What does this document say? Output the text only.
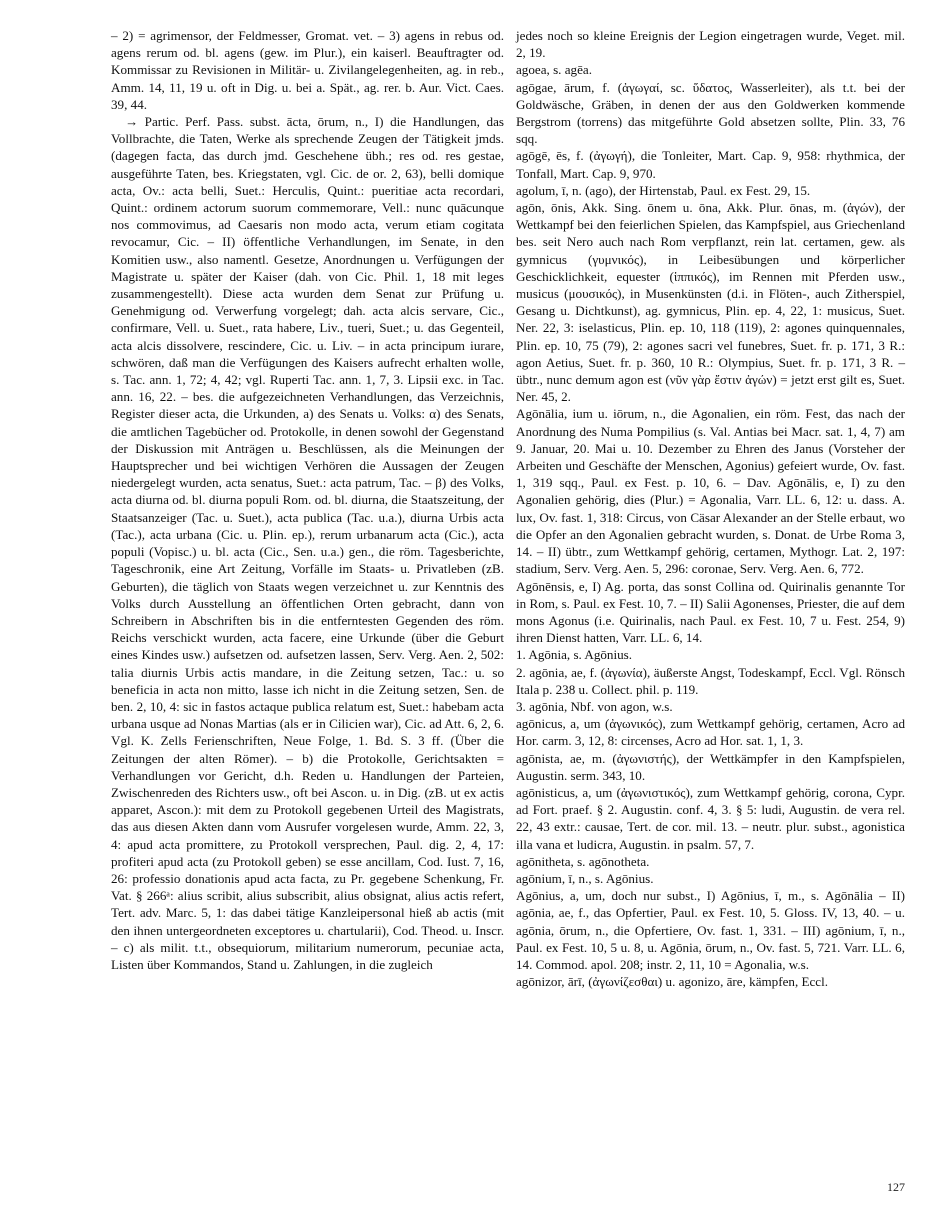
– 2) = agrimensor, der Feldmesser, Gromat. vet. – 3) agens in rebus od. agens rerum od. bl. agens (gew. im Plur.), ein kaiserl. Beauftragter od. Kommissar zu Revisionen in Militär- u. Zivilangelegenheiten, ag. in reb., Amm. 14, 11, 19 u. oft in Dig. u. bei a. Spät., ag. rer. b. Aur. Vict. Caes. 39, 44.

→ Partic. Perf. Pass. subst. ācta, ōrum, n., I) die Handlungen, das Vollbrachte, die Taten, Werke als sprechende Zeugen der Tätigkeit jmds. (dagegen facta, das durch jmd. Geschehene übh.; res od. res gestae, ausgeführte Taten, bes. Kriegstaten, vgl. Cic. de or. 2, 63), belli domique acta, Ov.: acta belli, Suet.: Herculis, Quint.: pueritiae acta recordari, Quint.: ordinem actorum suorum commemorare, Vell.: nunc quācunque nos commovimus, ad Caesaris non modo acta, verum etiam cogitata revocamur, Cic. – II) öffentliche Verhandlungen, im Senate, in den Komitien usw., also namentl. Gesetze, Anordnungen u. Verfügungen der Magistrate u. später der Kaiser (dah. von Cic. Phil. 1, 18 mit leges zusammengestellt). Diese acta wurden dem Senat zur Prüfung u. Genehmigung od. Verwerfung vorgelegt; dah. acta alcis servare, Cic., confirmare, Vell. u. Suet., rata habere, Liv., tueri, Suet.; u. das Gegenteil, acta alcis dissolvere, rescindere, Cic. u. Liv. – in acta principum iurare, schwören, daß man die Verfügungen des Kaisers aufrecht erhalten wolle, s. Tac. ann. 1, 72; 4, 42; vgl. Ruperti Tac. ann. 1, 7, 3. Lipsii exc. in Tac. ann. 16, 22. – bes. die aufgezeichneten Verhandlungen, das Verzeichnis, Register dieser acta, die Urkunden, a) des Senats u. Volks: α) des Senats, die amtlichen Tagebücher od. Protokolle, in denen sowohl der Gegenstand der Diskussion mit Anträgen u. Beschlüssen, als die Meinungen der Hauptsprecher und bei wichtigen Verhören die Aussagen der Zeugen niedergelegt wurden, acta senatus, Suet.: acta patrum, Tac. – β) des Volks, acta diurna od. bl. diurna populi Rom. od. bl. diurna, die Staatszeitung, der Staatsanzeiger (Tac. u. Suet.), acta publica (Tac. u.a.), diurna Urbis acta (Tac.), acta urbana (Cic. u. Plin. ep.), rerum urbanarum acta (Cic.), acta populi (Vopisc.) u. bl. acta (Cic., Sen. u.a.) gen., die röm. Tagesberichte, Tageschronik, eine Art Zeitung, Vorfälle im Staats- u. Privatleben (zB. Geburten), die täglich von Staats wegen verzeichnet u. zur Kenntnis des Volks durch Ausstellung an öffentlichen Orten gebracht, dann von Schreibern in Abschriften bis in die entferntesten Gegenden des röm. Reichs verschickt wurden, acta facere, eine Urkunde (über die Geburt eines Kindes usw.) aufsetzen od. aufsetzen lassen, Serv. Verg. Aen. 2, 502: talia diurnis Urbis actis mandare, in die Zeitung setzen, Tac.: u. so beneficia in acta non mitto, lasse ich nicht in die Zeitung setzen, Sen. de ben. 2, 10, 4: sic in fastos actaque publica relatum est, Suet.: habebam acta urbana usque ad Nonas Martias (als er in Cilicien war), Cic. ad Att. 6, 2, 6. Vgl. K. Zells Ferienschriften, Neue Folge, 1. Bd. S. 3 ff. (Über die Zeitungen der alten Römer). – b) die Protokolle, Gerichtsakten = Verhandlungen vor Gericht, d.h. Reden u. Handlungen der Parteien, Zwischenreden des Richters usw., oft bei Ascon. u. in Dig. (zB. ut ex actis apparet, Ascon.): mit dem zu Protokoll gegebenen Urteil des Magistrats, das aus diesen Akten dann vom Ausrufer vorgelesen wurde, Amm. 22, 3, 4: apud acta promittere, zu Protokoll versprechen, Paul. dig. 2, 4, 17: profiteri apud acta (zu Protokoll geben) se esse ancillam, Cod. Iust. 7, 16, 26: professio donationis apud acta facta, zu Pr. gegebene Schenkung, Fr. Vat. § 266ᵃ: alius scribit, alius subscribit, alius obsignat, alius actis refert, Tert. adv. Marc. 5, 1: das dabei tätige Kanzleipersonal hieß ab actis (mit den ihnen untergeordneten exceptores u. chartularii), Cod. Theod. u. Inscr. – c) als milit. t.t., obsequiorum, militarium numerorum, pecuniae acta, Listen über Kommandos, Stand u. Zahlungen, in die zugleich

jedes noch so kleine Ereignis der Legion eingetragen wurde, Veget. mil. 2, 19.

agoea, s. agēa.

agōgae, ārum, f. (ἀγωγαί, sc. ὕδατος, Wasserleiter), als t.t. bei der Goldwäsche, Gräben, in denen der aus den Goldwerken kommende Bergstrom (torrens) das mitgeführte Gold absetzen sollte, Plin. 33, 76 sqq.

agōgē, ēs, f. (ἀγωγή), die Tonleiter, Mart. Cap. 9, 958: rhythmica, der Tonfall, Mart. Cap. 9, 970.

agolum, ī, n. (ago), der Hirtenstab, Paul. ex Fest. 29, 15.

agōn, ōnis, Akk. Sing. ōnem u. ōna, Akk. Plur. ōnas, m. (ἀγών), der Wettkampf bei den feierlichen Spielen, das Kampfspiel, aus Griechenland bes. seit Nero auch nach Rom verpflanzt, rein lat. certamen, gew. als gymnicus (γυμνικός), in Leibesübungen und körperlicher Geschicklichkeit, equester (ἱππικός), im Rennen mit Pferden usw., musicus (μουσικός), in Musenkünsten (d.i. in Flöten-, auch Zitherspiel, Gesang u. Dichtkunst), ag. gymnicus, Plin. ep. 4, 22, 1: musicus, Suet. Ner. 22, 3: iselasticus, Plin. ep. 10, 118 (119), 2: agones quinquennales, Plin. ep. 10, 75 (79), 2: agones sacri vel funebres, Suet. fr. p. 171, 3 R.: agon Aetius, Suet. fr. p. 360, 10 R.: Olympius, Suet. fr. p. 171, 3 R. – übtr., nunc demum agon est (νῦν γὰρ ἔστιν ἀγών) = jetzt erst gilt es, Suet. Ner. 45, 2.

Agōnālia, ium u. iōrum, n., die Agonalien, ein röm. Fest, das nach der Anordnung des Numa Pompilius (s. Val. Antias bei Macr. sat. 1, 4, 7) am 9. Januar, 20. Mai u. 10. Dezember zu Ehren des Janus (Vorsteher der Arbeiten und Geschäfte der Menschen, Agonius) gefeiert wurde, Ov. fast. 1, 319 sqq., Paul. ex Fest. p. 10, 6. – Dav. Agōnālis, e, I) zu den Agonalien gehörig, dies (Plur.) = Agonalia, Varr. LL. 6, 12: u. dass. A. lux, Ov. fast. 1, 318: Circus, von Cäsar Alexander an der Stelle erbaut, wo die Opfer an den Agonalien gebracht wurden, s. Donat. de Urbe Roma 3, 14. – II) übtr., zum Wettkampf gehörig, certamen, Mythogr. Lat. 2, 197: stadium, Serv. Verg. Aen. 5, 296: coronae, Serv. Verg. Aen. 6, 772.

Agōnēnsis, e, I) Ag. porta, das sonst Collina od. Quirinalis genannte Tor in Rom, s. Paul. ex Fest. 10, 7. – II) Salii Agonenses, Priester, die auf dem mons Agonus (i.e. Quirinalis, nach Paul. ex Fest. 10, 7 u. Fest. 254, 9) ihren Dienst hatten, Varr. LL. 6, 14.

1. Agōnia, s. Agōnius.

2. agōnia, ae, f. (ἀγωνία), äußerste Angst, Todeskampf, Eccl. Vgl. Rönsch Itala p. 238 u. Collect. phil. p. 119.

3. agōnia, Nbf. von agon, w.s.

agōnicus, a, um (ἀγωνικός), zum Wettkampf gehörig, certamen, Acro ad Hor. carm. 3, 12, 8: circenses, Acro ad Hor. sat. 1, 1, 3.

agōnista, ae, m. (ἀγωνιστής), der Wettkämpfer in den Kampfspielen, Augustin. serm. 343, 10.

agōnisticus, a, um (ἀγωνιστικός), zum Wettkampf gehörig, corona, Cypr. ad Fort. praef. § 2. Augustin. conf. 4, 3. § 5: ludi, Augustin. de vera rel. 22, 43 extr.: causae, Tert. de cor. mil. 13. – neutr. plur. subst., agonistica illa vana et ludicra, Augustin. in psalm. 57, 7.

agōnitheta, s. agōnotheta.

agōnium, ī, n., s. Agōnius.

Agōnius, a, um, doch nur subst., I) Agōnius, ī, m., s. Agōnālia – II) agōnia, ae, f., das Opfertier, Paul. ex Fest. 10, 5. Gloss. IV, 13, 40. – u. agōnia, ōrum, n., die Opfertiere, Ov. fast. 1, 331. – III) agōnium, ī, n., Paul. ex Fest. 10, 5 u. 8, u. Agōnia, ōrum, n., Ov. fast. 5, 721. Varr. LL. 6, 14. Commod. apol. 208; instr. 2, 11, 10 = Agonalia, w.s.

agōnizor, ārī, (ἀγωνίζεσθαι) u. agonizo, āre, kämpfen, Eccl.

127
